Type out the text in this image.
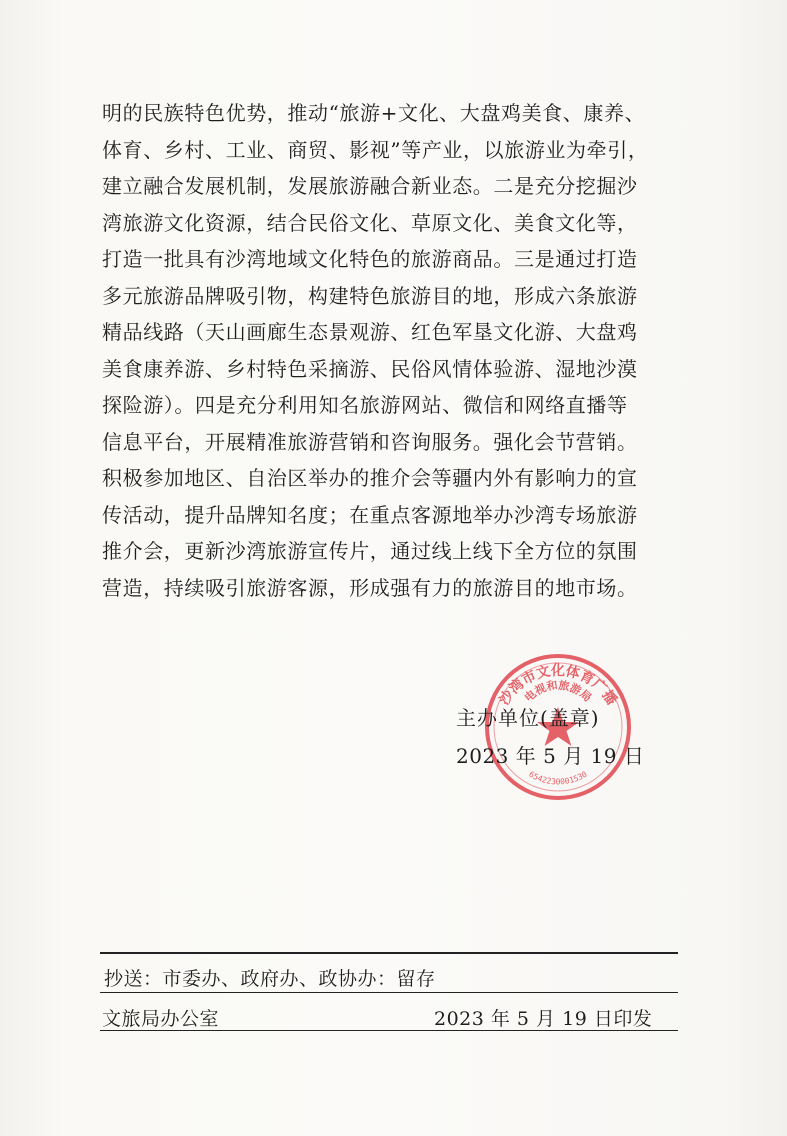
明的民族特色优势，推动“旅游+文化、大盘鸡美食、康养、
体育、乡村、工业、商贸、影视”等产业，以旅游业为牵引，
建立融合发展机制，发展旅游融合新业态。二是充分挖掘沙
湾旅游文化资源，结合民俗文化、草原文化、美食文化等，
打造一批具有沙湾地域文化特色的旅游商品。三是通过打造
多元旅游品牌吸引物，构建特色旅游目的地，形成六条旅游
精品线路（天山画廊生态景观游、红色军垦文化游、大盘鸡
美食康养游、乡村特色采摘游、民俗风情体验游、湿地沙漠
探险游）。四是充分利用知名旅游网站、微信和网络直播等
信息平台，开展精准旅游营销和咨询服务。强化会节营销。
积极参加地区、自治区举办的推介会等疆内外有影响力的宣
传活动，提升品牌知名度；在重点客源地举办沙湾专场旅游
推介会，更新沙湾旅游宣传片，通过线上线下全方位的氛围
营造，持续吸引旅游客源，形成强有力的旅游目的地市场。
沙湾市文化体育广播
电视和旅游局
6542230001530
主办单位(盖章)
2023 年 5 月 19 日
抄送：市委办、政府办、政协办：留存
文旅局办公室	2023 年 5 月 19 日印发
